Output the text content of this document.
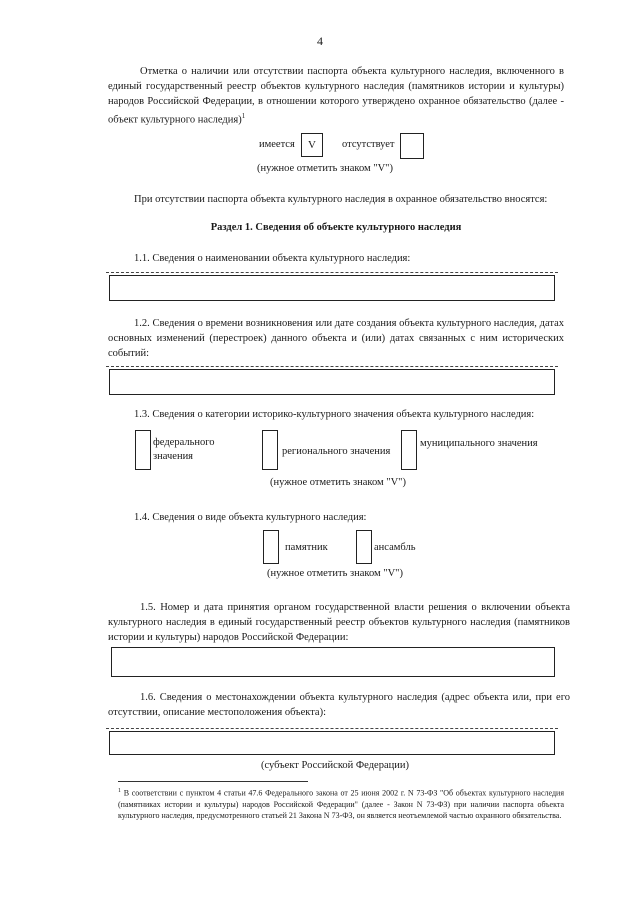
4
Отметка о наличии или отсутствии паспорта объекта культурного наследия, включенного в единый государственный реестр объектов культурного наследия (памятников истории и культуры) народов Российской Федерации, в отношении которого утверждено охранное обязательство (далее - объект культурного наследия)$^1$
имеется	V	отсутствует
(нужное отметить знаком "V")
При отсутствии паспорта объекта культурного наследия в охранное обязательство вносятся:
Раздел 1. Сведения об объекте культурного наследия
1.1. Сведения о наименовании объекта культурного наследия:
1.2. Сведения о времени возникновения или дате создания объекта культурного наследия, датах основных изменений (перестроек) данного объекта и (или) датах связанных с ним исторических событий:
1.3. Сведения о категории историко-культурного значения объекта культурного наследия:
федерального значения	регионального значения
муниципального значения
(нужное отметить знаком "V")
1.4. Сведения о виде объекта культурного наследия:
памятник	ансамбль
(нужное отметить знаком "V")
1.5. Номер и дата принятия органом государственной власти решения о включении объекта культурного наследия в единый государственный реестр объектов культурного наследия (памятников истории и культуры) народов Российской Федерации:
1.6. Сведения о местонахождении объекта культурного наследия (адрес объекта или, при его отсутствии, описание местоположения объекта):
(субъект Российской Федерации)
$^1$ В соответствии с пунктом 4 статьи 47.6 Федерального закона от 25 июня 2002 г. N 73-ФЗ "Об объектах культурного наследия (памятниках истории и культуры) народов Российской Федерации" (далее - Закон N 73-ФЗ) при наличии паспорта объекта культурного наследия, предусмотренного статьей 21 Закона N 73-ФЗ, он является неотъемлемой частью охранного обязательства.
